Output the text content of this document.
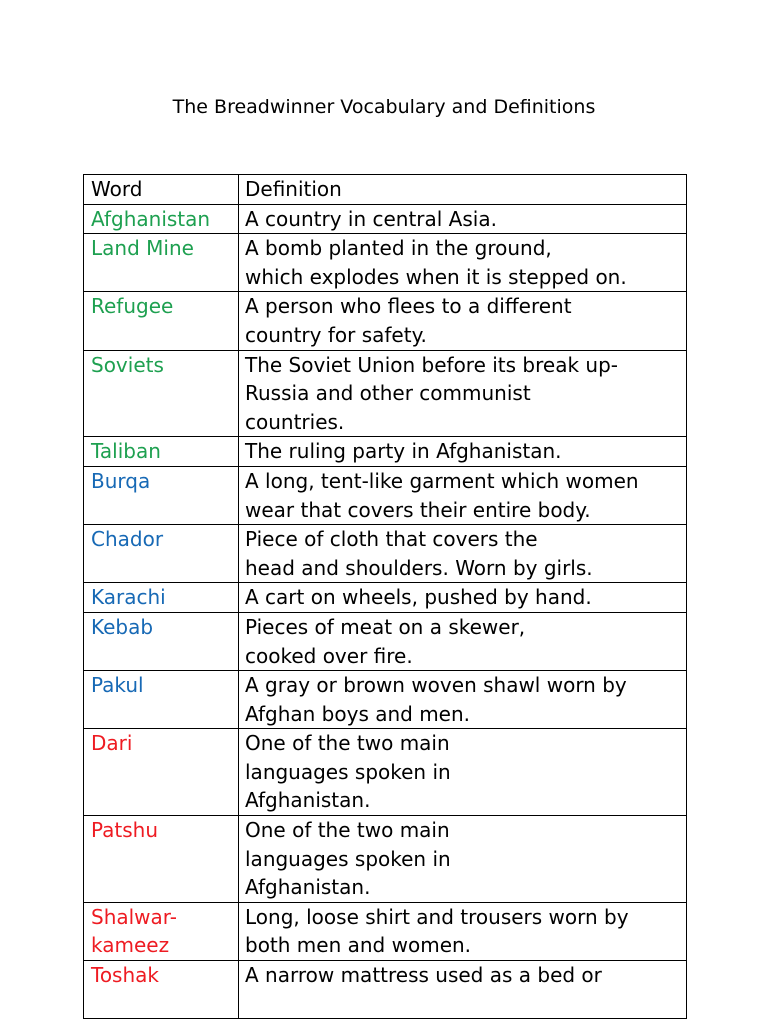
The Breadwinner Vocabulary and Definitions
Word	Definition
Afghanistan	A country in central Asia.
Land Mine	A bomb planted in the ground,
which explodes when it is stepped on.
Refugee	A person who flees to a different
country for safety.
Soviets	The Soviet Union before its break up-
Russia and other communist
countries.
Taliban	The ruling party in Afghanistan.
Burqa	A long, tent-like garment which women
wear that covers their entire body.
Chador	Piece of cloth that covers the
head and shoulders. Worn by girls.
Karachi	A cart on wheels, pushed by hand.
Kebab	Pieces of meat on a skewer,
cooked over fire.
Pakul	A gray or brown woven shawl worn by
Afghan boys and men.
Dari	One of the two main
languages spoken in
Afghanistan.
Patshu	One of the two main
languages spoken in
Afghanistan.
Shalwar-
kameez	Long, loose shirt and trousers worn by
both men and women.
Toshak	A narrow mattress used as a bed or
